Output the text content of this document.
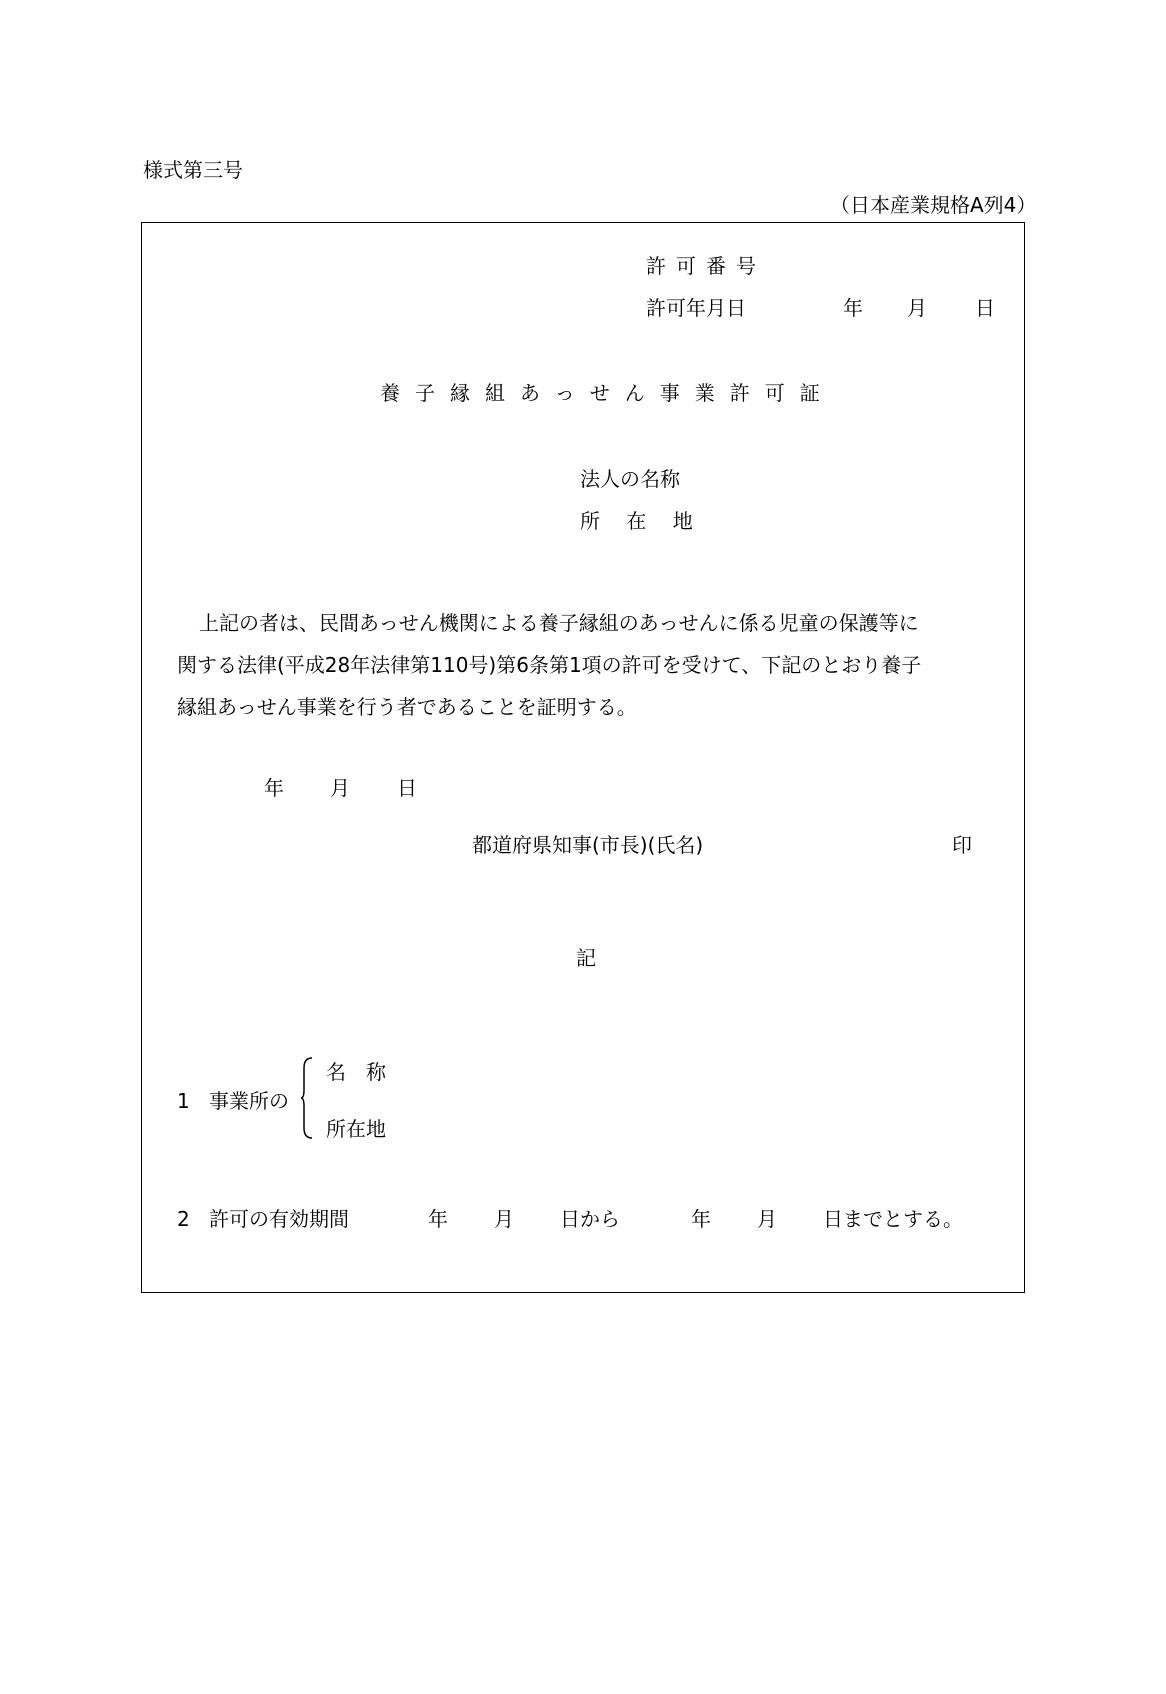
様式第三号
（日本産業規格A列4）
許可番号
許可年月日	年 月 日
養子縁組あっせん事業許可証
法人の名称
所 在 地

上記の者は、民間あっせん機関による養子縁組のあっせんに係る児童の保護等に

関する法律(平成28年法律第110号)第6条第1項の許可を受けて、下記のとおり養子

縁組あっせん事業を行う者であることを証明する。

年 月 日
都道府県知事(市長)(氏名)	印
記
1 事業所の
名　称
所在地
2 許可の有効期間	年 月 日から	年 月 日までとする。
